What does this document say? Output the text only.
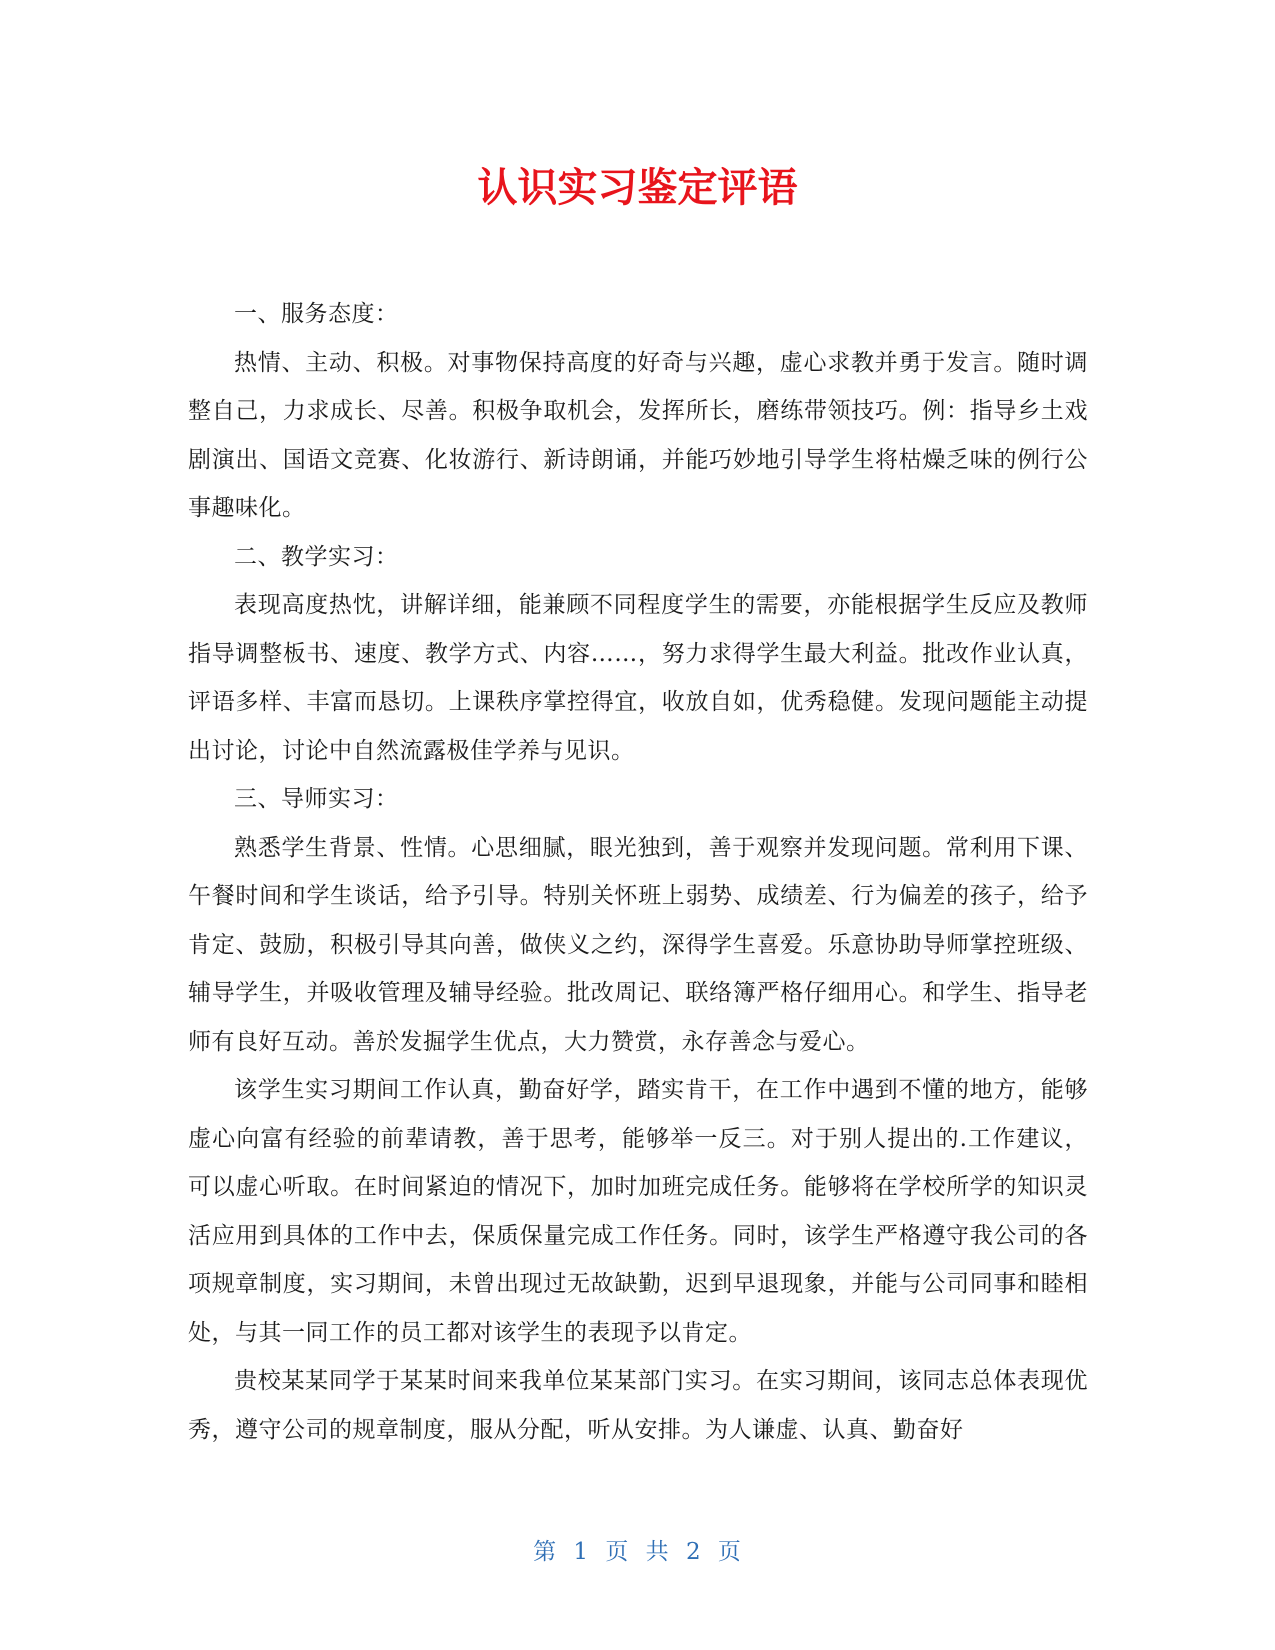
认识实习鉴定评语

一、服务态度：

热情、主动、积极。对事物保持高度的好奇与兴趣，虚心求教并勇于发言。随时调整自己，力求成长、尽善。积极争取机会，发挥所长，磨练带领技巧。例：指导乡土戏剧演出、国语文竞赛、化妆游行、新诗朗诵，并能巧妙地引导学生将枯燥乏味的例行公事趣味化。

二、教学实习：

表现高度热忱，讲解详细，能兼顾不同程度学生的需要，亦能根据学生反应及教师指导调整板书、速度、教学方式、内容……，努力求得学生最大利益。批改作业认真，评语多样、丰富而恳切。上课秩序掌控得宜，收放自如，优秀稳健。发现问题能主动提出讨论，讨论中自然流露极佳学养与见识。

三、导师实习：

熟悉学生背景、性情。心思细腻，眼光独到，善于观察并发现问题。常利用下课、午餐时间和学生谈话，给予引导。特别关怀班上弱势、成绩差、行为偏差的孩子，给予肯定、鼓励，积极引导其向善，做侠义之约，深得学生喜爱。乐意协助导师掌控班级、辅导学生，并吸收管理及辅导经验。批改周记、联络簿严格仔细用心。和学生、指导老师有良好互动。善於发掘学生优点，大力赞赏，永存善念与爱心。

该学生实习期间工作认真，勤奋好学，踏实肯干，在工作中遇到不懂的地方，能够虚心向富有经验的前辈请教，善于思考，能够举一反三。对于别人提出的.工作建议，可以虚心听取。在时间紧迫的情况下，加时加班完成任务。能够将在学校所学的知识灵活应用到具体的工作中去，保质保量完成工作任务。同时，该学生严格遵守我公司的各项规章制度，实习期间，未曾出现过无故缺勤，迟到早退现象，并能与公司同事和睦相处，与其一同工作的员工都对该学生的表现予以肯定。

贵校某某同学于某某时间来我单位某某部门实习。在实习期间，该同志总体表现优秀，遵守公司的规章制度，服从分配，听从安排。为人谦虚、认真、勤奋好

第 1 页 共 2 页
